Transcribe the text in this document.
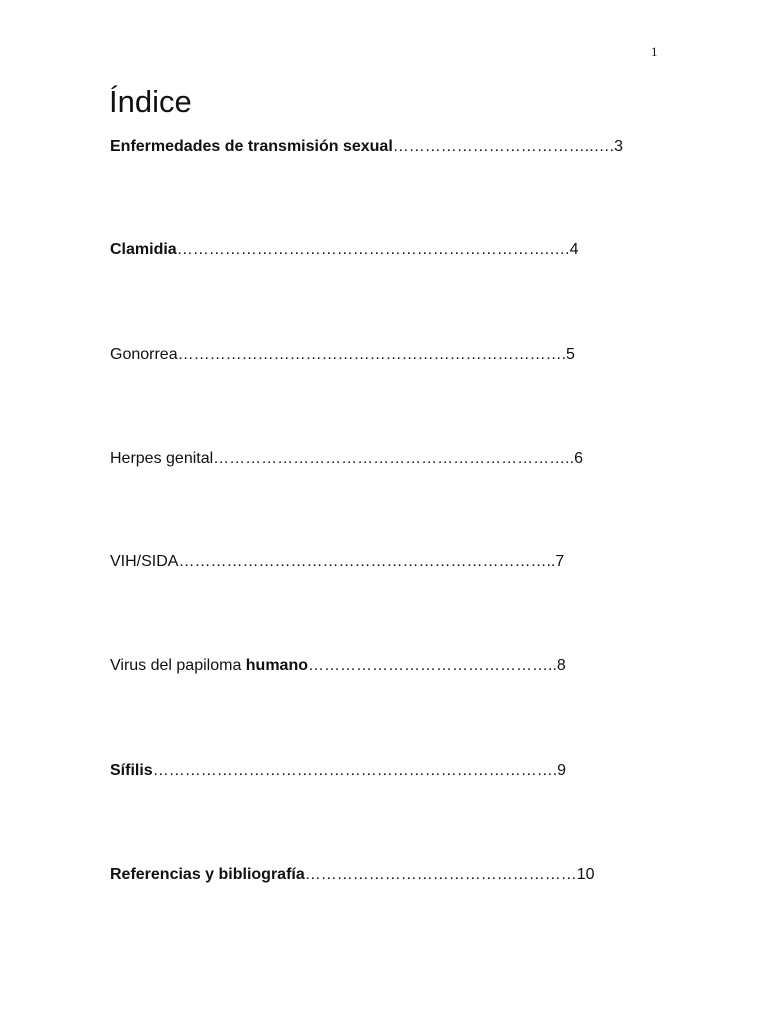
1
Índice
Enfermedades de transmisión sexual………………………………..….3
Clamidia…………………………………………………………….….4
Gonorrea……………………………………………………………….5
Herpes genital…………………………………………………………..6
VIH/SIDA……………………………………………………………..7
Virus del papiloma humano………………………………………..8
Sífilis………………………………………………………………….9
Referencias y bibliografía……………………………………………10
